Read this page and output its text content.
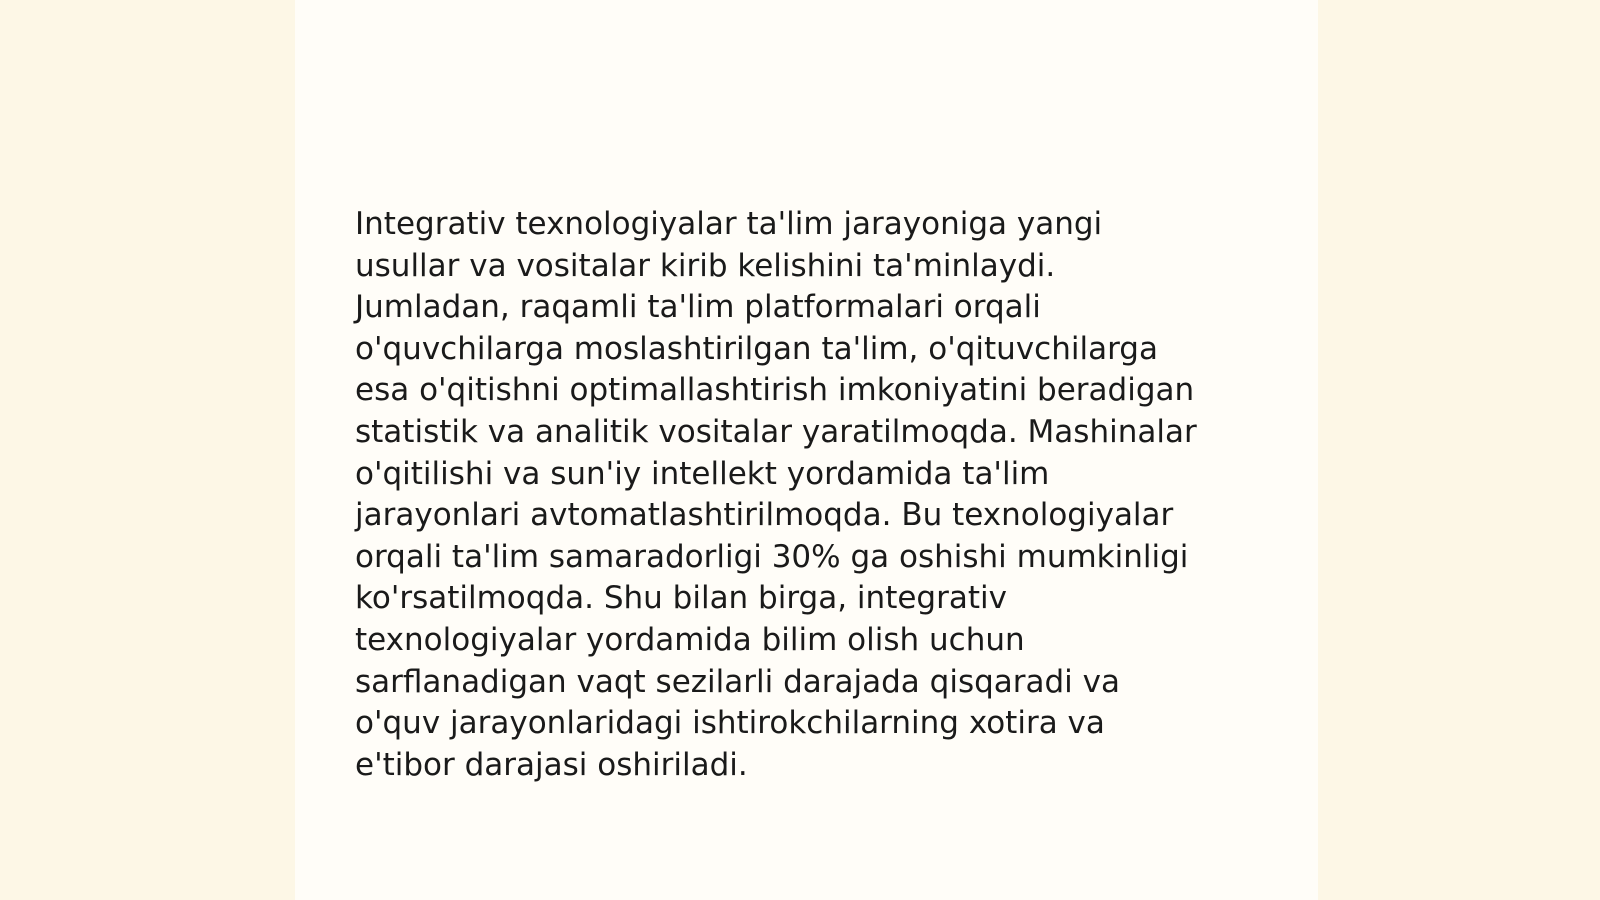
Integrativ texnologiyalar ta'lim jarayoniga yangi
usullar va vositalar kirib kelishini ta'minlaydi.
Jumladan, raqamli ta'lim platformalari orqali
o'quvchilarga moslashtirilgan ta'lim, o'qituvchilarga
esa o'qitishni optimallashtirish imkoniyatini beradigan
statistik va analitik vositalar yaratilmoqda. Mashinalar
o'qitilishi va sun'iy intellekt yordamida ta'lim
jarayonlari avtomatlashtirilmoqda. Bu texnologiyalar
orqali ta'lim samaradorligi 30% ga oshishi mumkinligi
ko'rsatilmoqda. Shu bilan birga, integrativ
texnologiyalar yordamida bilim olish uchun
sarflanadigan vaqt sezilarli darajada qisqaradi va
o'quv jarayonlaridagi ishtirokchilarning xotira va
e'tibor darajasi oshiriladi.
